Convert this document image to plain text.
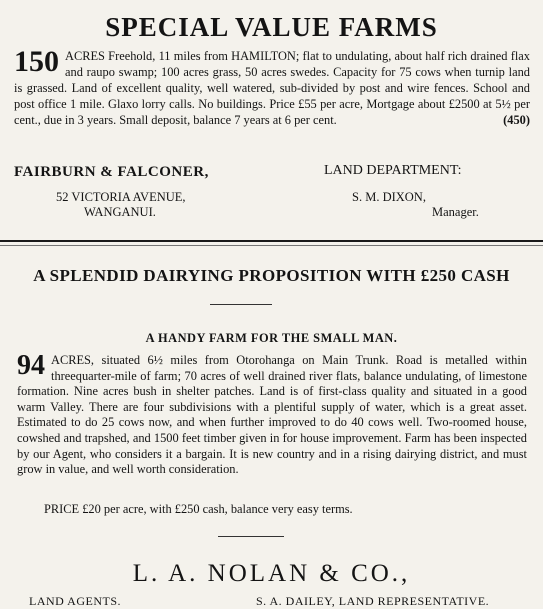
SPECIAL VALUE FARMS
150 ACRES Freehold, 11 miles from HAMILTON; flat to undulating, about half rich drained flax and raupo swamp; 100 acres grass, 50 acres swedes. Capacity for 75 cows when turnip land is grassed. Land of excellent quality, well watered, sub-divided by post and wire fences. School and post office 1 mile. Glaxo lorry calls. No buildings. Price £55 per acre, Mortgage about £2500 at 5½ per cent., due in 3 years. Small deposit, balance 7 years at 6 per cent.	(450)
FAIRBURN & FALCONER,
52 VICTORIA AVENUE,
WANGANUI.
LAND DEPARTMENT:
S. M. DIXON,
Manager.
A SPLENDID DAIRYING PROPOSITION WITH £250 CASH
A HANDY FARM FOR THE SMALL MAN.
94 ACRES, situated 6½ miles from Otorohanga on Main Trunk. Road is metalled within threequarter-mile of farm; 70 acres of well drained river flats, balance undulating, of limestone formation. Nine acres bush in shelter patches. Land is of first-class quality and situated in a good warm Valley. There are four subdivisions with a plentiful supply of water, which is a great asset. Estimated to do 25 cows now, and when further improved to do 40 cows well. Two-roomed house, cowshed and trapshed, and 1500 feet timber given in for house improvement. Farm has been inspected by our Agent, who considers it a bargain. It is new country and in a rising dairying district, and must grow in value, and well worth consideration.
PRICE £20 per acre, with £250 cash, balance very easy terms.
L. A. NOLAN & CO.,
LAND AGENTS.	S. A. DAILEY, LAND REPRESENTATIVE.
